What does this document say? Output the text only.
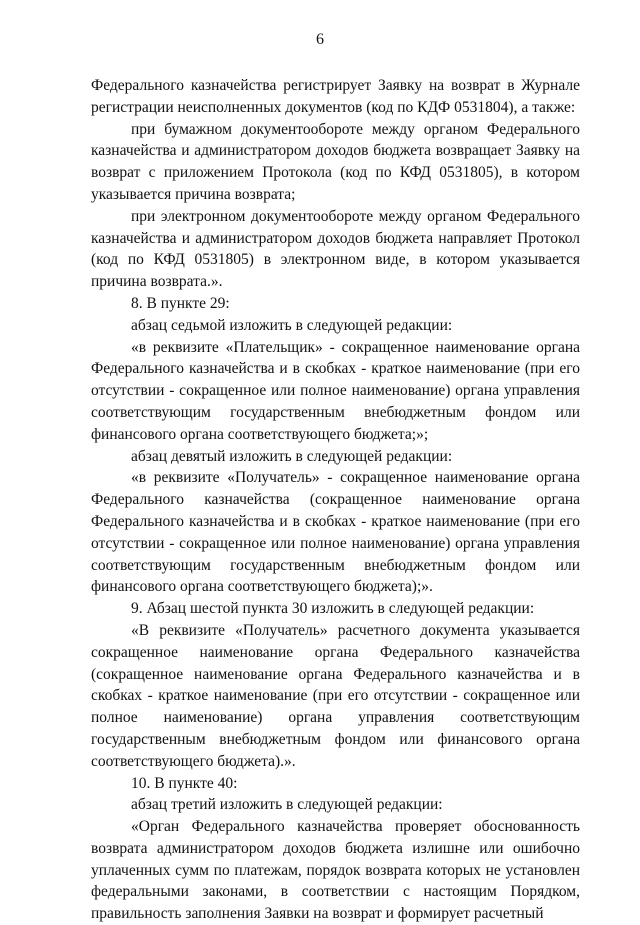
6

Федерального казначейства регистрирует Заявку на возврат в Журнале регистрации неисполненных документов (код по КДФ 0531804), а также:

при бумажном документообороте между органом Федерального казначейства и администратором доходов бюджета возвращает Заявку на возврат с приложением Протокола (код по КФД 0531805), в котором указывается причина возврата;

при электронном документообороте между органом Федерального казначейства и администратором доходов бюджета направляет Протокол (код по КФД 0531805) в электронном виде, в котором указывается причина возврата.».

8. В пункте 29:

абзац седьмой изложить в следующей редакции:

«в реквизите «Плательщик» - сокращенное наименование органа Федерального казначейства и в скобках - краткое наименование (при его отсутствии - сокращенное или полное наименование) органа управления соответствующим государственным внебюджетным фондом или финансового органа соответствующего бюджета;»;

абзац девятый изложить в следующей редакции:

«в реквизите «Получатель» - сокращенное наименование органа Федерального казначейства (сокращенное наименование органа Федерального казначейства и в скобках - краткое наименование (при его отсутствии - сокращенное или полное наименование) органа управления соответствующим государственным внебюджетным фондом или финансового органа соответствующего бюджета);».

9. Абзац шестой пункта 30 изложить в следующей редакции:

«В реквизите «Получатель» расчетного документа указывается сокращенное наименование органа Федерального казначейства (сокращенное наименование органа Федерального казначейства и в скобках - краткое наименование (при его отсутствии - сокращенное или полное наименование) органа управления соответствующим государственным внебюджетным фондом или финансового органа соответствующего бюджета).».

10. В пункте 40:

абзац третий изложить в следующей редакции:

«Орган Федерального казначейства проверяет обоснованность возврата администратором доходов бюджета излишне или ошибочно уплаченных сумм по платежам, порядок возврата которых не установлен федеральными законами, в соответствии с настоящим Порядком, правильность заполнения Заявки на возврат и формирует расчетный
